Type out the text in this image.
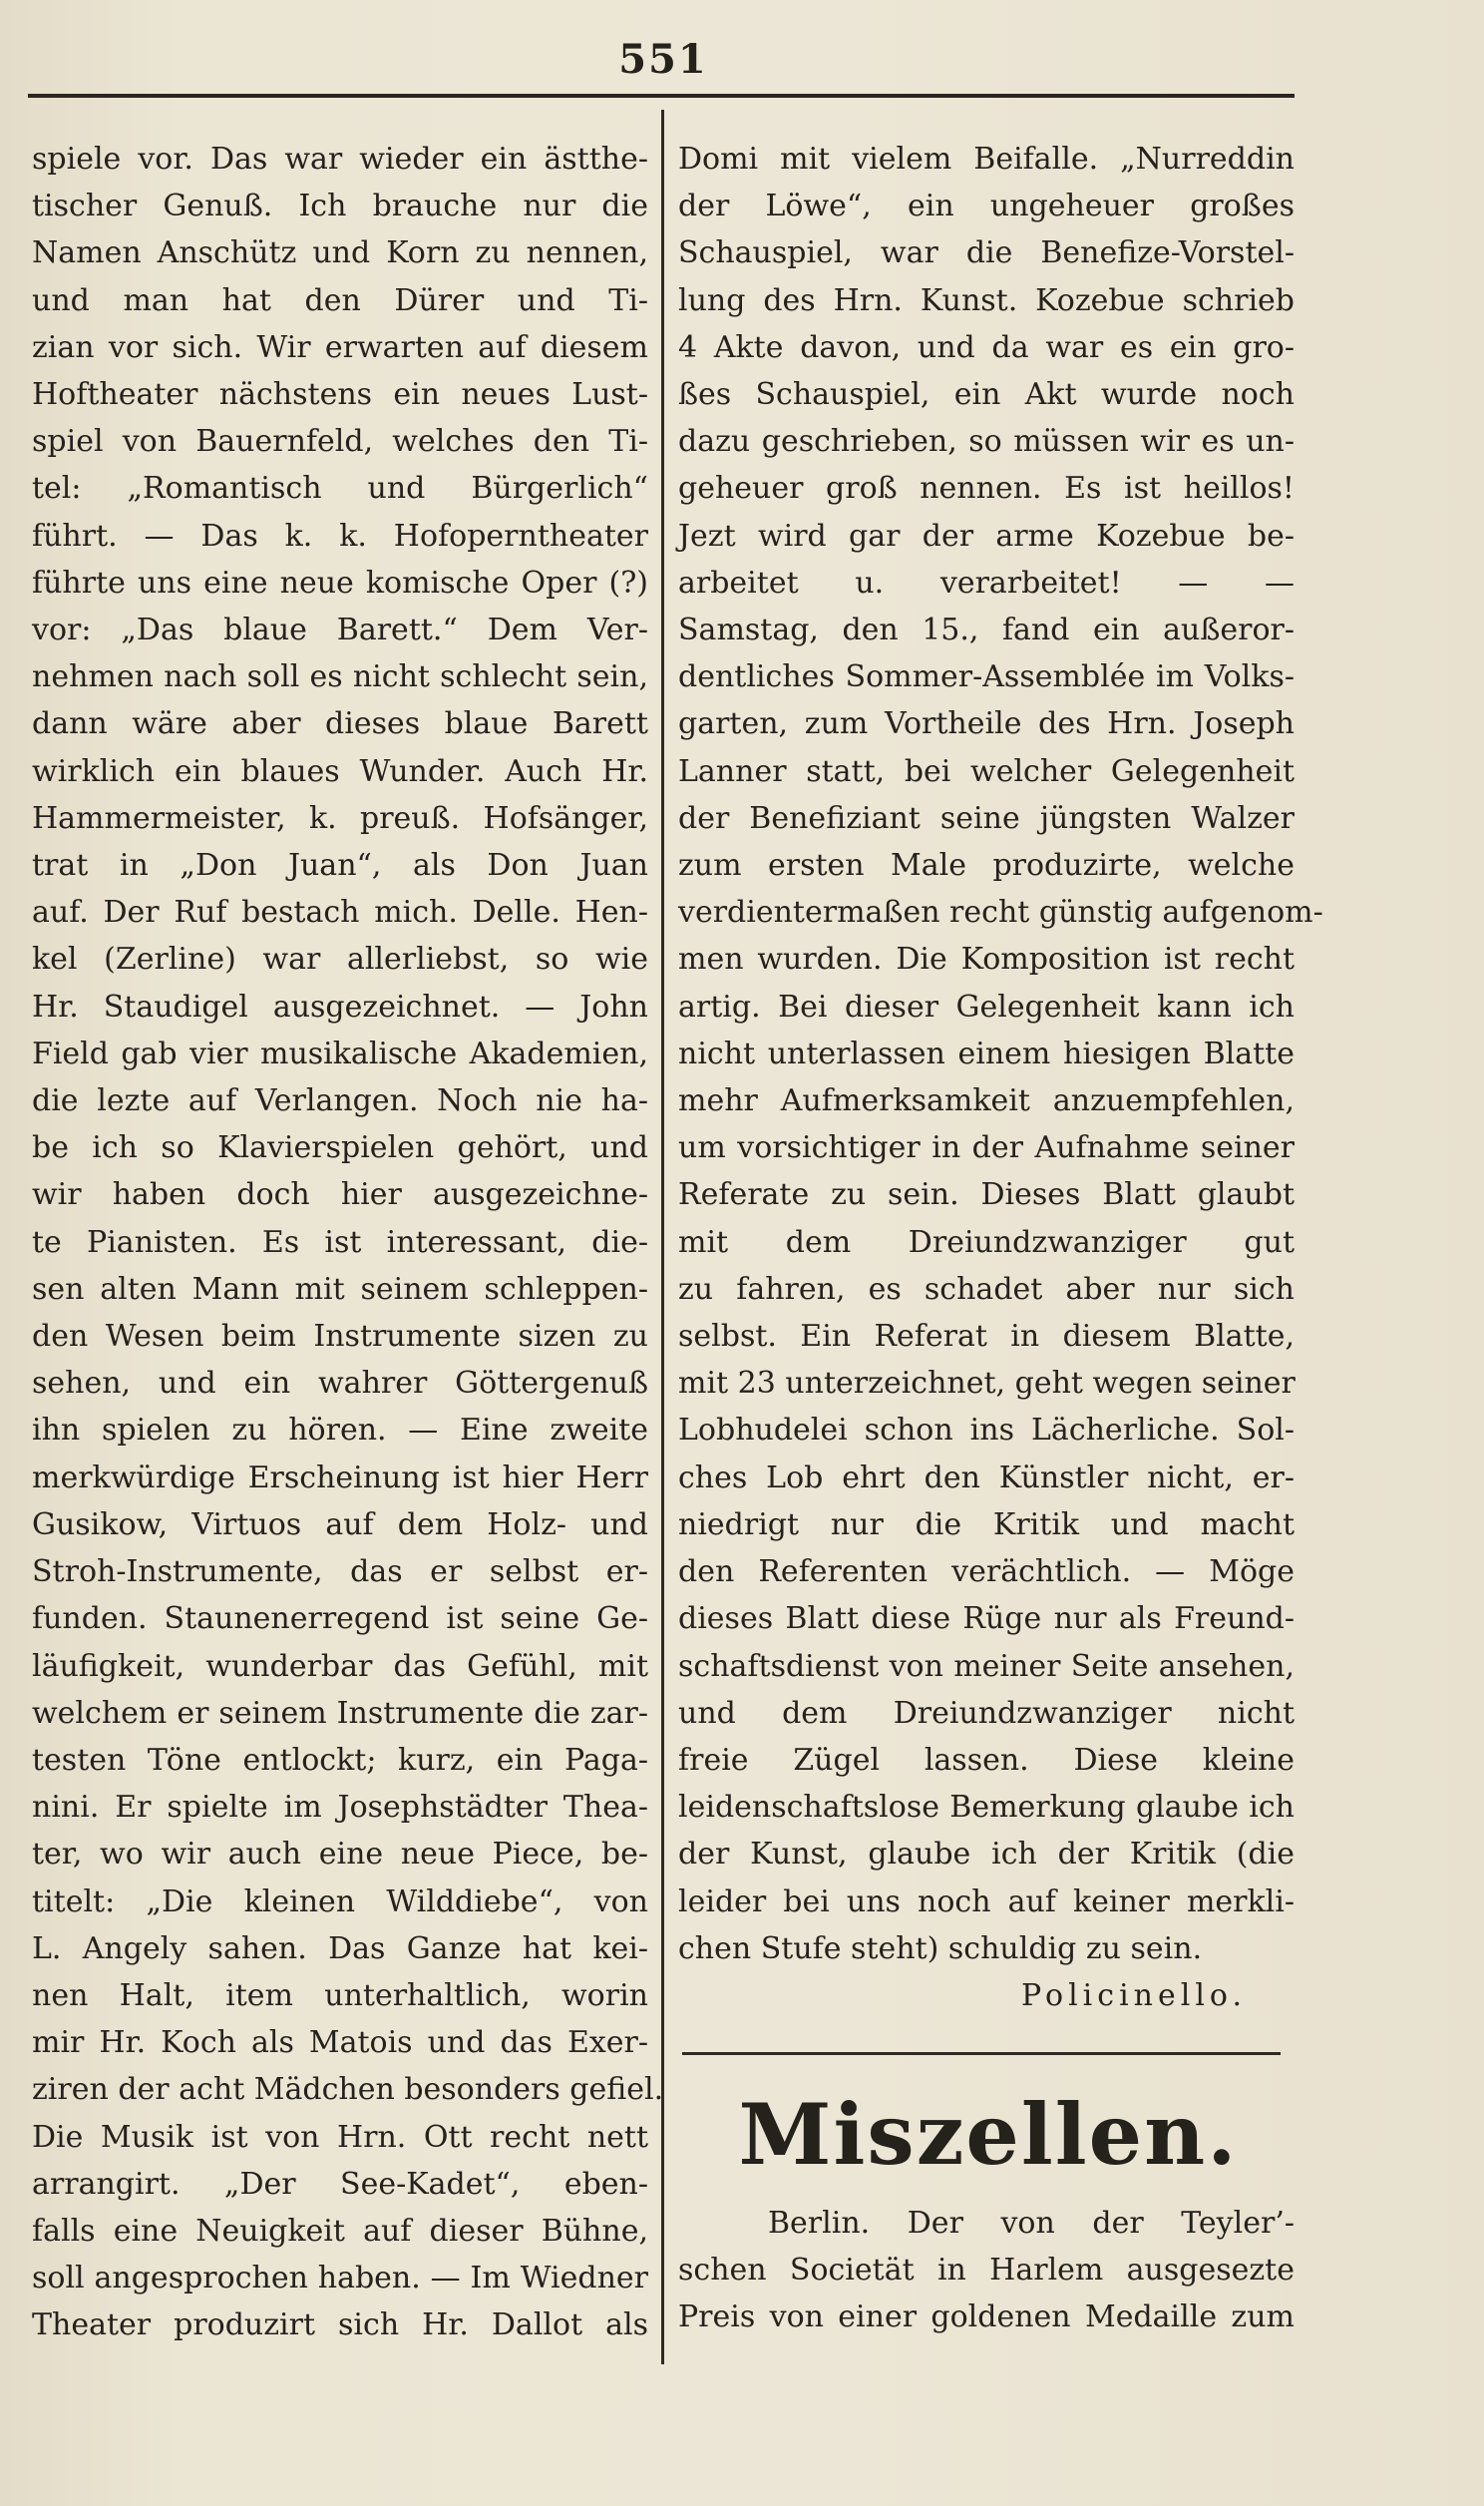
551
spiele vor. Das war wieder ein ästthe-
tischer Genuß. Ich brauche nur die
Namen Anschütz und Korn zu nennen,
und man hat den Dürer und Ti-
zian vor sich. Wir erwarten auf diesem
Hoftheater nächstens ein neues Lust-
spiel von Bauernfeld, welches den Ti-
tel: „Romantisch und Bürgerlich“
führt. — Das k. k. Hofoperntheater
führte uns eine neue komische Oper (?)
vor: „Das blaue Barett.“ Dem Ver-
nehmen nach soll es nicht schlecht sein,
dann wäre aber dieses blaue Barett
wirklich ein blaues Wunder. Auch Hr.
Hammermeister, k. preuß. Hofsänger,
trat in „Don Juan“, als Don Juan
auf. Der Ruf bestach mich. Delle. Hen-
kel (Zerline) war allerliebst, so wie
Hr. Staudigel ausgezeichnet. — John
Field gab vier musikalische Akademien,
die lezte auf Verlangen. Noch nie ha-
be ich so Klavierspielen gehört, und
wir haben doch hier ausgezeichne-
te Pianisten. Es ist interessant, die-
sen alten Mann mit seinem schleppen-
den Wesen beim Instrumente sizen zu
sehen, und ein wahrer Göttergenuß
ihn spielen zu hören. — Eine zweite
merkwürdige Erscheinung ist hier Herr
Gusikow, Virtuos auf dem Holz- und
Stroh-Instrumente, das er selbst er-
funden. Staunenerregend ist seine Ge-
läufigkeit, wunderbar das Gefühl, mit
welchem er seinem Instrumente die zar-
testen Töne entlockt; kurz, ein Paga-
nini. Er spielte im Josephstädter Thea-
ter, wo wir auch eine neue Piece, be-
titelt: „Die kleinen Wilddiebe“, von
L. Angely sahen. Das Ganze hat kei-
nen Halt, item unterhaltlich, worin
mir Hr. Koch als Matois und das Exer-
ziren der acht Mädchen besonders gefiel.
Die Musik ist von Hrn. Ott recht nett
arrangirt. „Der See-Kadet“, eben-
falls eine Neuigkeit auf dieser Bühne,
soll angesprochen haben. — Im Wiedner
Theater produzirt sich Hr. Dallot als
Domi mit vielem Beifalle. „Nurreddin
der Löwe“, ein ungeheuer großes
Schauspiel, war die Benefize-Vorstel-
lung des Hrn. Kunst. Kozebue schrieb
4 Akte davon, und da war es ein gro-
ßes Schauspiel, ein Akt wurde noch
dazu geschrieben, so müssen wir es un-
geheuer groß nennen. Es ist heillos!
Jezt wird gar der arme Kozebue be-
arbeitet u. verarbeitet! — —
Samstag, den 15., fand ein außeror-
dentliches Sommer-Assemblée im Volks-
garten, zum Vortheile des Hrn. Joseph
Lanner statt, bei welcher Gelegenheit
der Benefiziant seine jüngsten Walzer
zum ersten Male produzirte, welche
verdientermaßen recht günstig aufgenom-
men wurden. Die Komposition ist recht
artig. Bei dieser Gelegenheit kann ich
nicht unterlassen einem hiesigen Blatte
mehr Aufmerksamkeit anzuempfehlen,
um vorsichtiger in der Aufnahme seiner
Referate zu sein. Dieses Blatt glaubt
mit dem Dreiundzwanziger gut
zu fahren, es schadet aber nur sich
selbst. Ein Referat in diesem Blatte,
mit 23 unterzeichnet, geht wegen seiner
Lobhudelei schon ins Lächerliche. Sol-
ches Lob ehrt den Künstler nicht, er-
niedrigt nur die Kritik und macht
den Referenten verächtlich. — Möge
dieses Blatt diese Rüge nur als Freund-
schaftsdienst von meiner Seite ansehen,
und dem Dreiundzwanziger nicht
freie Zügel lassen. Diese kleine
leidenschaftslose Bemerkung glaube ich
der Kunst, glaube ich der Kritik (die
leider bei uns noch auf keiner merkli-
chen Stufe steht) schuldig zu sein.
Policinello.
Miszellen.
Berlin. Der von der Teyler’-
schen Societät in Harlem ausgesezte
Preis von einer goldenen Medaille zum
